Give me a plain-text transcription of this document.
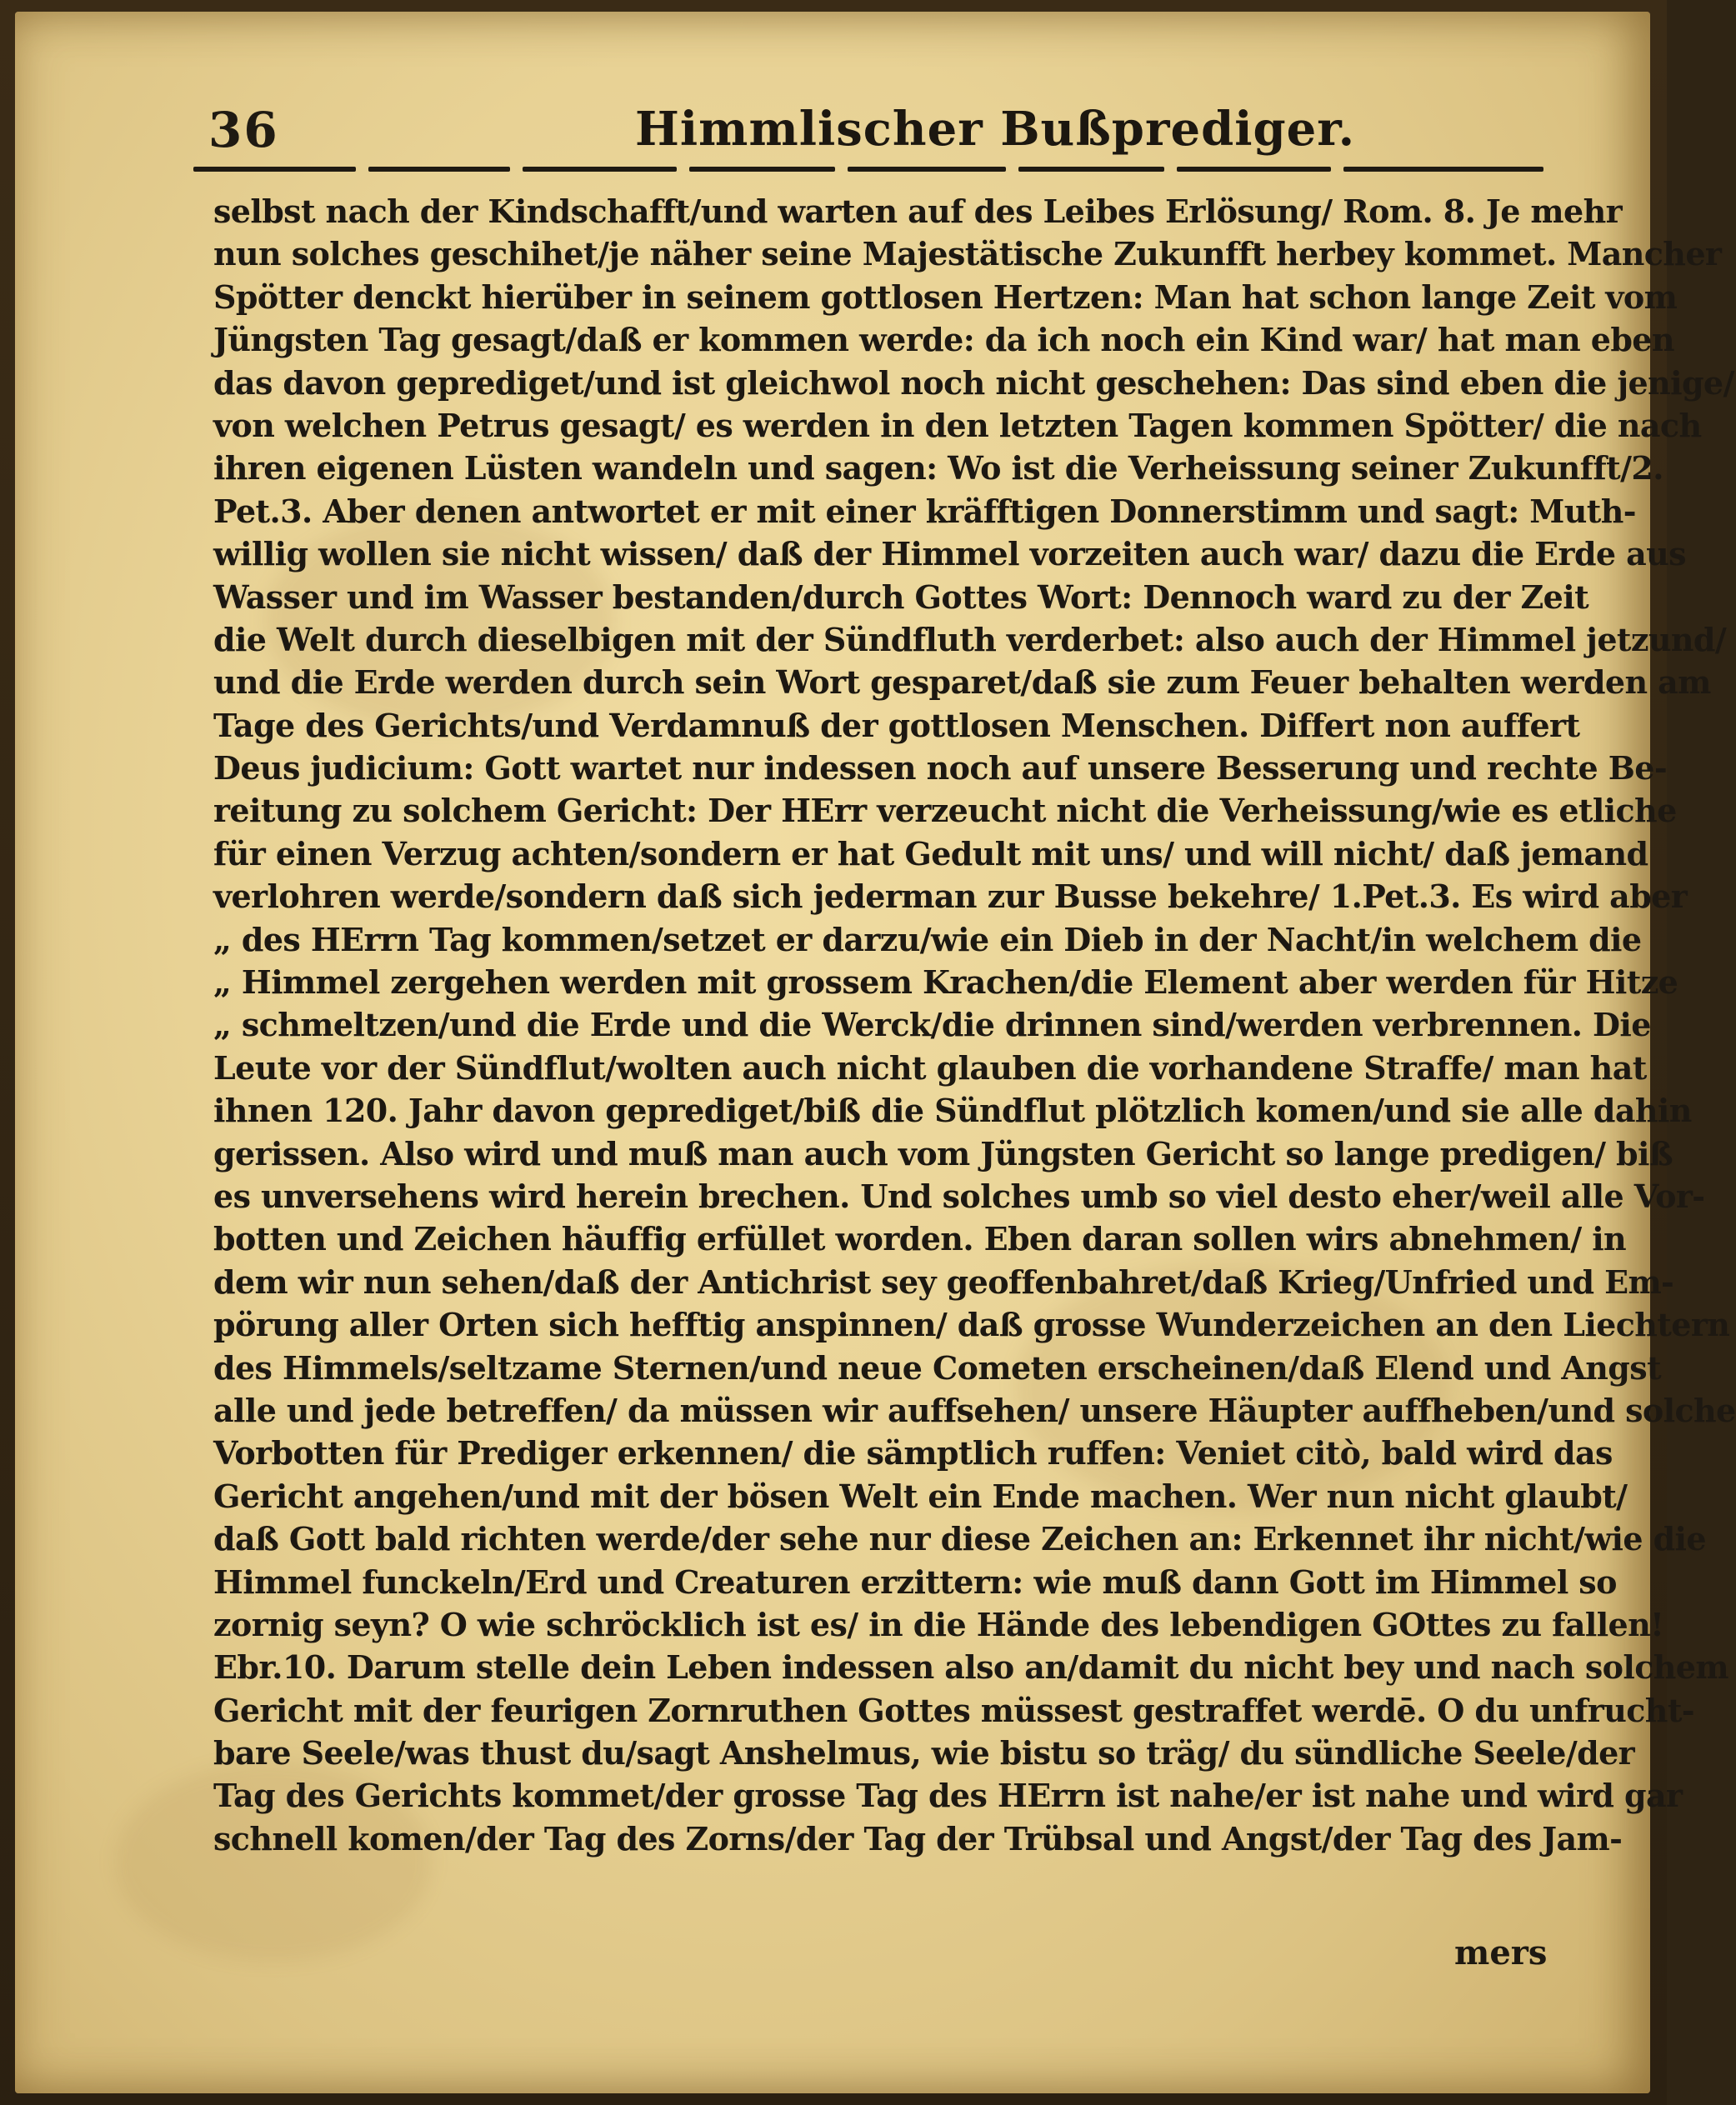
36	Himmlischer Bußprediger.
selbst nach der Kindschafft/und warten auf des Leibes Erlösung/ Rom. 8. Je mehr
nun solches geschihet/je näher seine Majestätische Zukunfft herbey kommet. Mancher
Spötter denckt hierüber in seinem gottlosen Hertzen: Man hat schon lange Zeit vom
Jüngsten Tag gesagt/daß er kommen werde: da ich noch ein Kind war/ hat man eben
das davon geprediget/und ist gleichwol noch nicht geschehen: Das sind eben die jenige/
von welchen Petrus gesagt/ es werden in den letzten Tagen kommen Spötter/ die nach
ihren eigenen Lüsten wandeln und sagen: Wo ist die Verheissung seiner Zukunfft/2.
Pet.3. Aber denen antwortet er mit einer kräfftigen Donnerstimm und sagt: Muth-
willig wollen sie nicht wissen/ daß der Himmel vorzeiten auch war/ dazu die Erde aus
Wasser und im Wasser bestanden/durch Gottes Wort: Dennoch ward zu der Zeit
die Welt durch dieselbigen mit der Sündfluth verderbet: also auch der Himmel jetzund/
und die Erde werden durch sein Wort gesparet/daß sie zum Feuer behalten werden am
Tage des Gerichts/und Verdamnuß der gottlosen Menschen. Differt non auffert
Deus judicium: Gott wartet nur indessen noch auf unsere Besserung und rechte Be-
reitung zu solchem Gericht: Der HErr verzeucht nicht die Verheissung/wie es etliche
für einen Verzug achten/sondern er hat Gedult mit uns/ und will nicht/ daß jemand
verlohren werde/sondern daß sich jederman zur Busse bekehre/ 1.Pet.3. Es wird aber
„ des HErrn Tag kommen/setzet er darzu/wie ein Dieb in der Nacht/in welchem die
„ Himmel zergehen werden mit grossem Krachen/die Element aber werden für Hitze
„ schmeltzen/und die Erde und die Werck/die drinnen sind/werden verbrennen. Die
Leute vor der Sündflut/wolten auch nicht glauben die vorhandene Straffe/ man hat
ihnen 120. Jahr davon geprediget/biß die Sündflut plötzlich komen/und sie alle dahin
gerissen. Also wird und muß man auch vom Jüngsten Gericht so lange predigen/ biß
es unversehens wird herein brechen. Und solches umb so viel desto eher/weil alle Vor-
botten und Zeichen häuffig erfüllet worden. Eben daran sollen wirs abnehmen/ in
dem wir nun sehen/daß der Antichrist sey geoffenbahret/daß Krieg/Unfried und Em-
pörung aller Orten sich hefftig anspinnen/ daß grosse Wunderzeichen an den Liechtern
des Himmels/seltzame Sternen/und neue Cometen erscheinen/daß Elend und Angst
alle und jede betreffen/ da müssen wir auffsehen/ unsere Häupter auffheben/und solche
Vorbotten für Prediger erkennen/ die sämptlich ruffen: Veniet citò, bald wird das
Gericht angehen/und mit der bösen Welt ein Ende machen. Wer nun nicht glaubt/
daß Gott bald richten werde/der sehe nur diese Zeichen an: Erkennet ihr nicht/wie die
Himmel funckeln/Erd und Creaturen erzittern: wie muß dann Gott im Himmel so
zornig seyn? O wie schröcklich ist es/ in die Hände des lebendigen GOttes zu fallen!
Ebr.10. Darum stelle dein Leben indessen also an/damit du nicht bey und nach solchem
Gericht mit der feurigen Zornruthen Gottes müssest gestraffet werdē. O du unfrucht-
bare Seele/was thust du/sagt Anshelmus, wie bistu so träg/ du sündliche Seele/der
Tag des Gerichts kommet/der grosse Tag des HErrn ist nahe/er ist nahe und wird gar
schnell komen/der Tag des Zorns/der Tag der Trübsal und Angst/der Tag des Jam-
mers
